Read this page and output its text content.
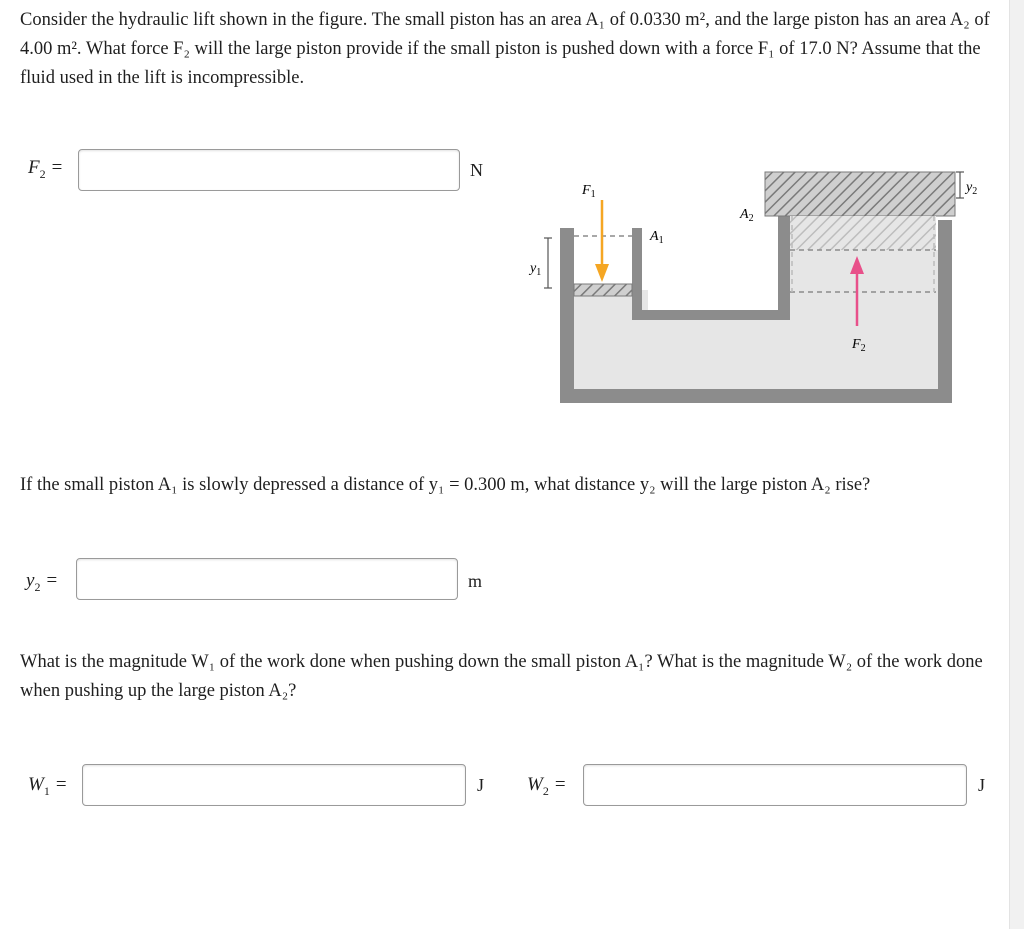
Consider the hydraulic lift shown in the figure. The small piston has an area A₁ of 0.0330 m², and the large piston has an area A₂ of 4.00 m². What force F₂ will the large piston provide if the small piston is pushed down with a force F₁ of 17.0 N? Assume that the fluid used in the lift is incompressible.

$F_2$ =	N
$F_1$
$A_1$
$A_2$
$y_1$
$y_2$
$F_2$

If the small piston A₁ is slowly depressed a distance of y₁ = 0.300 m, what distance y₂ will the large piston A₂ rise?

$y_2$ =	m

What is the magnitude W₁ of the work done when pushing down the small piston A₁? What is the magnitude W₂ of the work done when pushing up the large piston A₂?

$W_1$ =	J $W_2$ =	J
